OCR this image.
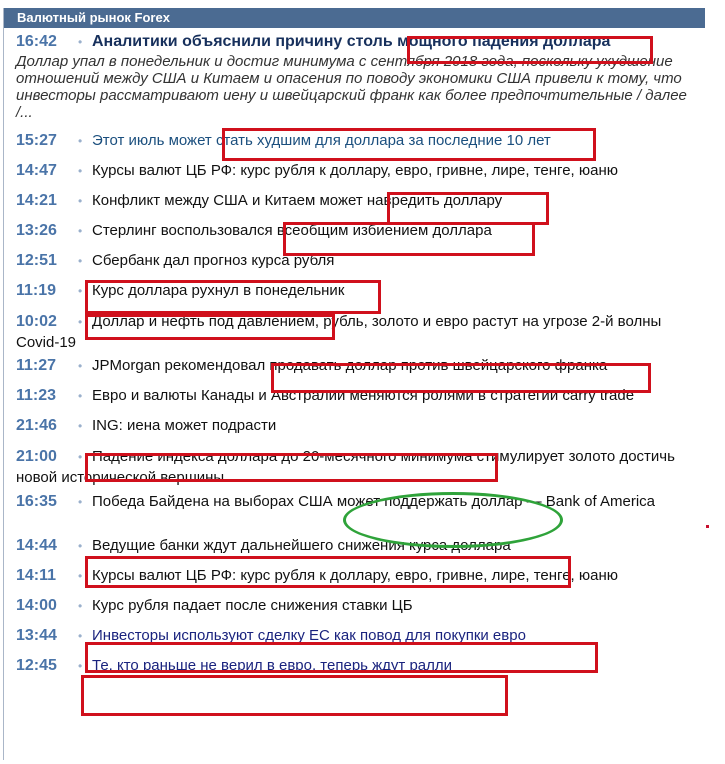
Валютный рынок Forex
16:42 • Аналитики объяснили причину столь мощного падения доллара
Доллар упал в понедельник и достиг минимума с сентября 2018 года, поскольку ухудшение отношений между США и Китаем и опасения по поводу экономики США привели к тому, что инвесторы рассматривают иену и швейцарский франк как более предпочтительные / далее /...
15:27 • Этот июль может стать худшим для доллара за последние 10 лет
14:47 • Курсы валют ЦБ РФ: курс рубля к доллару, евро, гривне, лире, тенге, юаню
14:21 • Конфликт между США и Китаем может навредить доллару
13:26 • Стерлинг воспользовался всеобщим избиением доллара
12:51 • Сбербанк дал прогноз курса рубля
11:19 • Курс доллара рухнул в понедельник
10:02 • Доллар и нефть под давлением, рубль, золото и евро растут на угрозе 2-й волны Covid-19
11:27 • JPMorgan рекомендовал продавать доллар против швейцарского франка
11:23 • Евро и валюты Канады и Австралии меняются ролями в стратегии carry trade
21:46 • ING: иена может подрасти
21:00 • Падение индекса доллара до 20-месячного минимума стимулирует золото достичь новой исторической вершины
16:35 • Победа Байдена на выборах США может поддержать доллар — Bank of America
14:44 • Ведущие банки ждут дальнейшего снижения курса доллара
14:11 • Курсы валют ЦБ РФ: курс рубля к доллару, евро, гривне, лире, тенге, юаню
14:00 • Курс рубля падает после снижения ставки ЦБ
13:44 • Инвесторы используют сделку ЕС как повод для покупки евро
12:45 • Те, кто раньше не верил в евро, теперь ждут ралли
